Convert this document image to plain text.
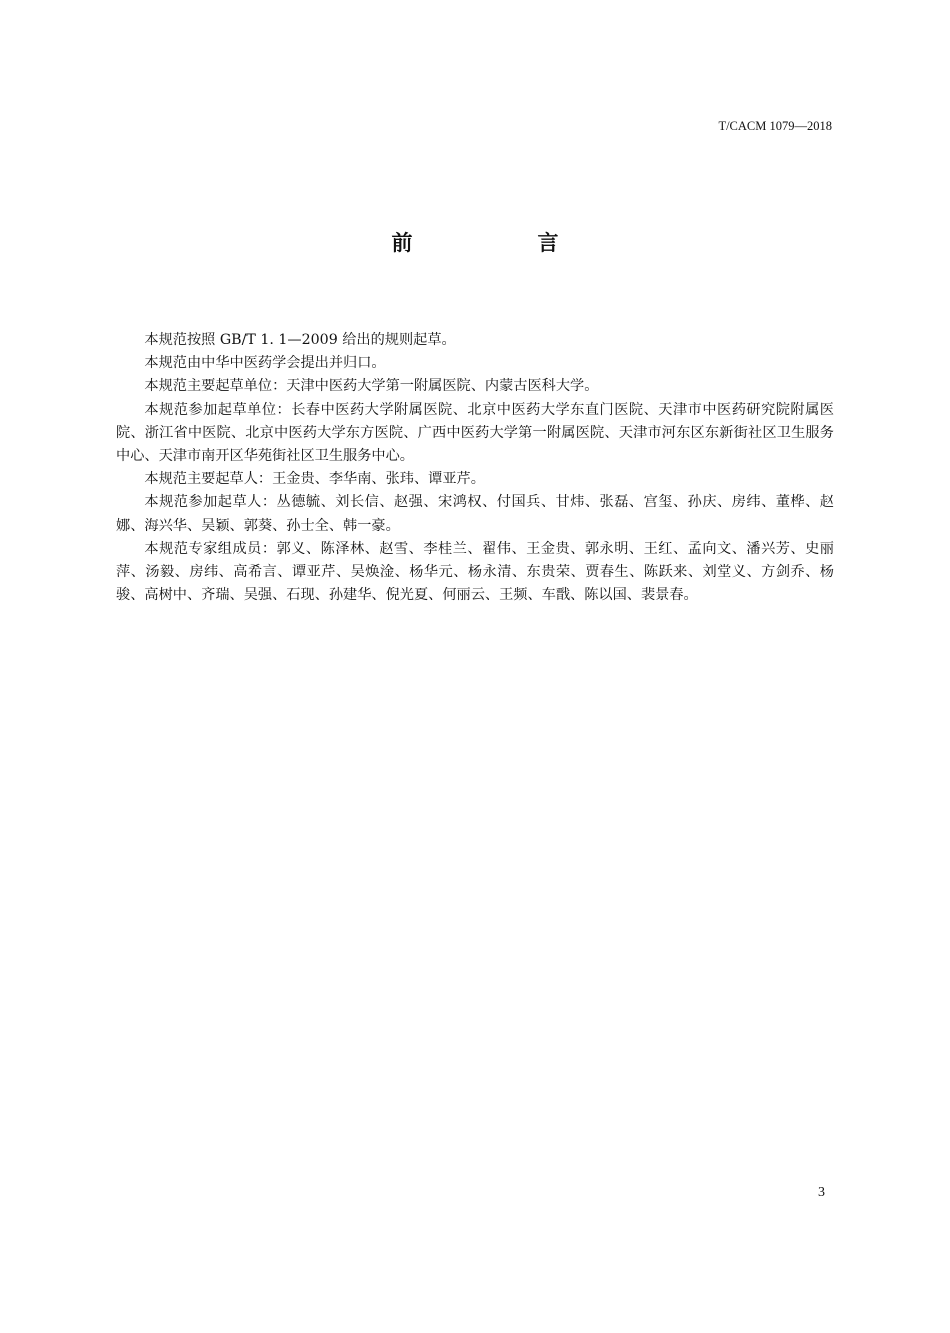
T/CACM 1079—2018
前　言

本规范按照 GB/T 1. 1—2009 给出的规则起草。

本规范由中华中医药学会提出并归口。

本规范主要起草单位：天津中医药大学第一附属医院、内蒙古医科大学。

本规范参加起草单位：长春中医药大学附属医院、北京中医药大学东直门医院、天津市中医药研究院附属医院、浙江省中医院、北京中医药大学东方医院、广西中医药大学第一附属医院、天津市河东区东新街社区卫生服务中心、天津市南开区华苑街社区卫生服务中心。

本规范主要起草人：王金贵、李华南、张玮、谭亚芹。

本规范参加起草人：丛德毓、刘长信、赵强、宋鸿权、付国兵、甘炜、张磊、宫玺、孙庆、房纬、董桦、赵娜、海兴华、吴颖、郭葵、孙士全、韩一豪。

本规范专家组成员：郭义、陈泽林、赵雪、李桂兰、翟伟、王金贵、郭永明、王红、孟向文、潘兴芳、史丽萍、汤毅、房纬、高希言、谭亚芹、吴焕淦、杨华元、杨永清、东贵荣、贾春生、陈跃来、刘堂义、方剑乔、杨骏、高树中、齐瑞、吴强、石现、孙建华、倪光夏、何丽云、王频、车戬、陈以国、裴景春。

3
